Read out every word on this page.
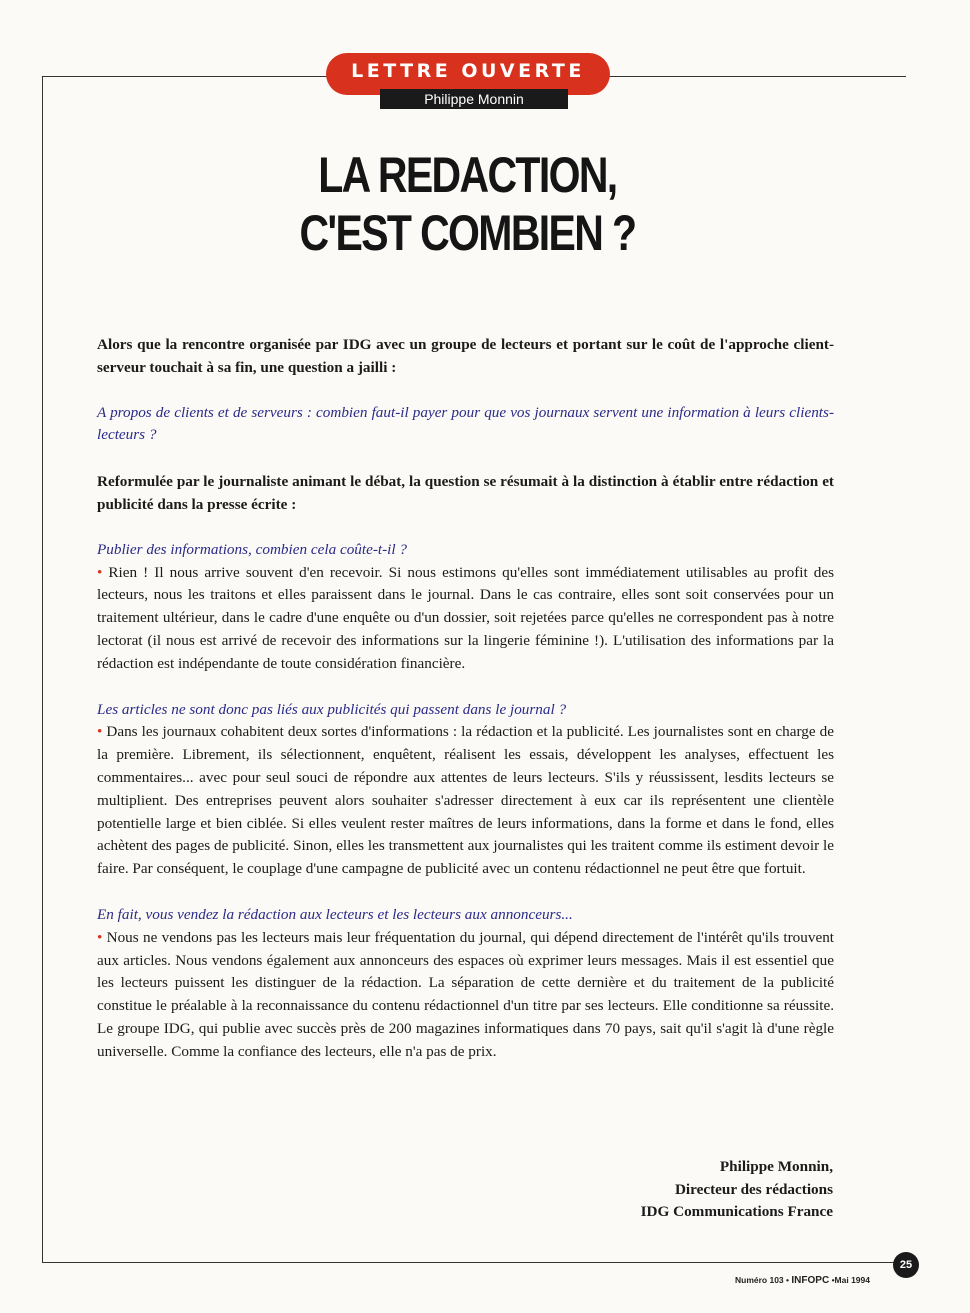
LETTRE OUVERTE
Philippe Monnin
LA REDACTION,
C'EST COMBIEN ?

Alors que la rencontre organisée par IDG avec un groupe de lecteurs et portant sur le coût de l'approche client-serveur touchait à sa fin, une question a jailli :

A propos de clients et de serveurs : combien faut-il payer pour que vos journaux servent une information à leurs clients-lecteurs ?

Reformulée par le journaliste animant le débat, la question se résumait à la distinction à établir entre rédaction et publicité dans la presse écrite :

Publier des informations, combien cela coûte-t-il ?

• Rien ! Il nous arrive souvent d'en recevoir. Si nous estimons qu'elles sont immédiatement utilisables au profit des lecteurs, nous les traitons et elles paraissent dans le journal. Dans le cas contraire, elles sont soit conservées pour un traitement ultérieur, dans le cadre d'une enquête ou d'un dossier, soit rejetées parce qu'elles ne correspondent pas à notre lectorat (il nous est arrivé de recevoir des informations sur la lingerie féminine !). L'utilisation des informations par la rédaction est indépendante de toute considération financière.

Les articles ne sont donc pas liés aux publicités qui passent dans le journal ?

• Dans les journaux cohabitent deux sortes d'informations : la rédaction et la publicité. Les journalistes sont en charge de la première. Librement, ils sélectionnent, enquêtent, réalisent les essais, développent les analyses, effectuent les commentaires... avec pour seul souci de répondre aux attentes de leurs lecteurs. S'ils y réussissent, lesdits lecteurs se multiplient. Des entreprises peuvent alors souhaiter s'adresser directement à eux car ils représentent une clientèle potentielle large et bien ciblée. Si elles veulent rester maîtres de leurs informations, dans la forme et dans le fond, elles achètent des pages de publicité. Sinon, elles les transmettent aux journalistes qui les traitent comme ils estiment devoir le faire. Par conséquent, le couplage d'une campagne de publicité avec un contenu rédactionnel ne peut être que fortuit.

En fait, vous vendez la rédaction aux lecteurs et les lecteurs aux annonceurs...

• Nous ne vendons pas les lecteurs mais leur fréquentation du journal, qui dépend directement de l'intérêt qu'ils trouvent aux articles. Nous vendons également aux annonceurs des espaces où exprimer leurs messages. Mais il est essentiel que les lecteurs puissent les distinguer de la rédaction. La séparation de cette dernière et du traitement de la publicité constitue le préalable à la reconnaissance du contenu rédactionnel d'un titre par ses lecteurs. Elle conditionne sa réussite. Le groupe IDG, qui publie avec succès près de 200 magazines informatiques dans 70 pays, sait qu'il s'agit là d'une règle universelle. Comme la confiance des lecteurs, elle n'a pas de prix.

Philippe Monnin,
Directeur des rédactions
IDG Communications France
25
Numéro 103 • INFOPC •Mai 1994
